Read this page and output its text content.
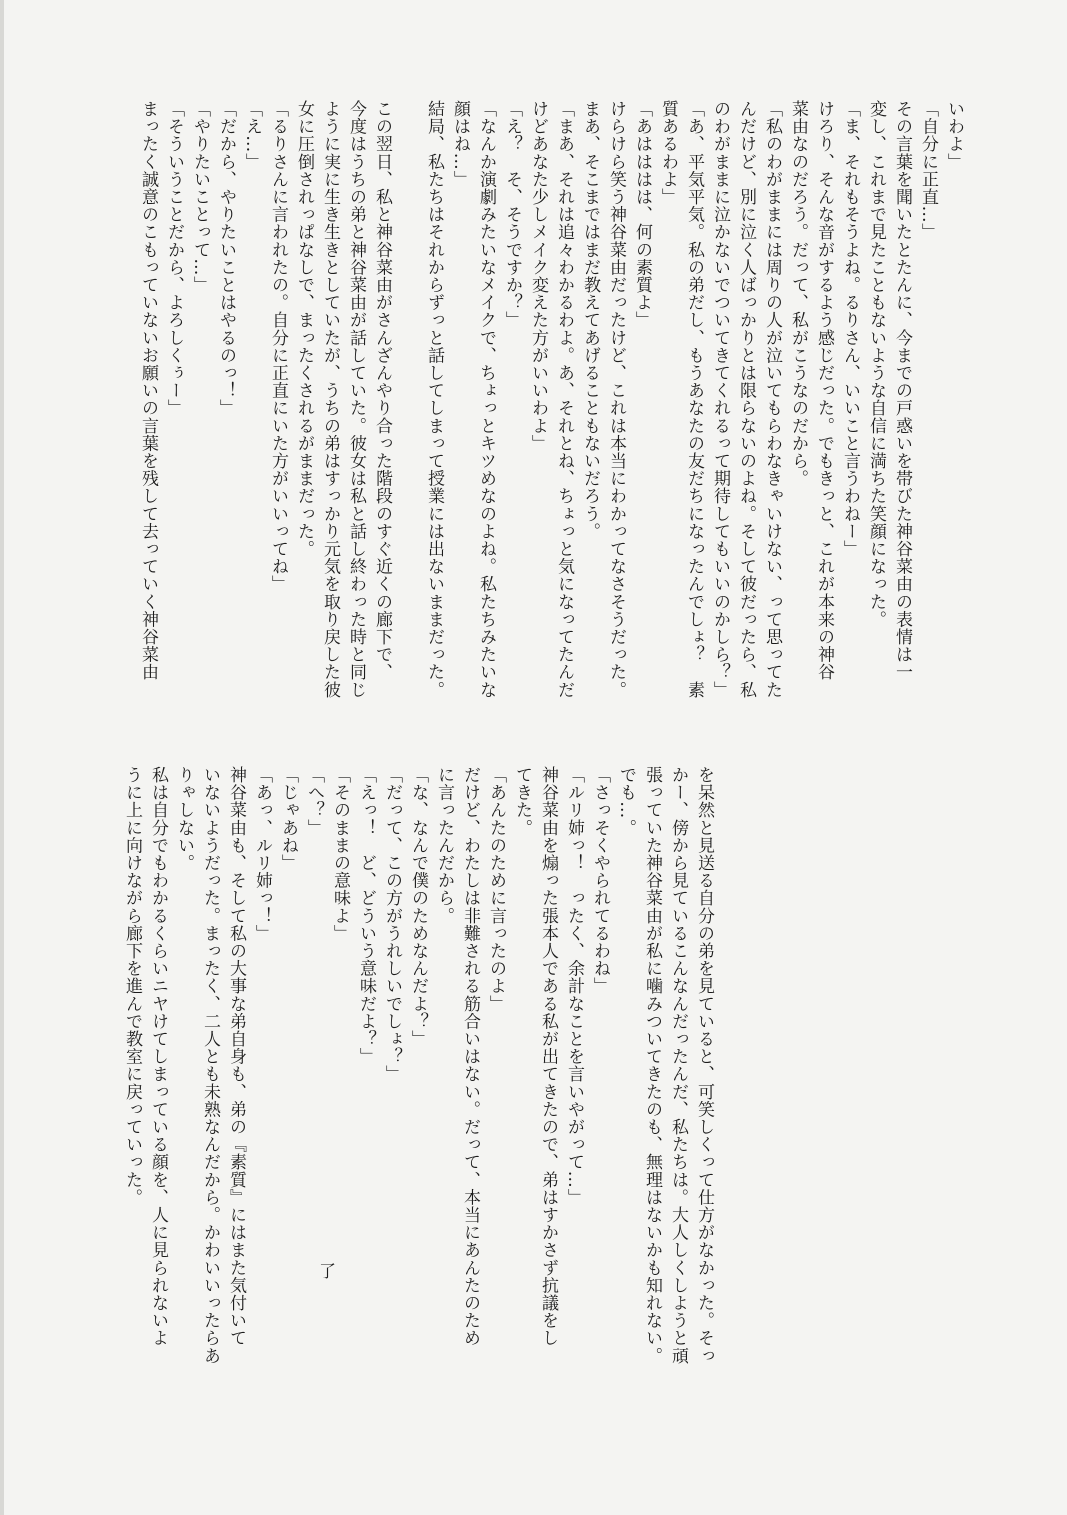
いわよ」

「自分に正直…」

その言葉を聞いたとたんに、今までの戸惑いを帯びた神谷菜由の表情は一

変し、これまで見たこともないような自信に満ちた笑顔になった。

「ま、それもそうよね。るりさん、いいこと言うわねー」

けろり、そんな音がするよう感じだった。でもきっと、これが本来の神谷

菜由なのだろう。だって、私がこうなのだから。

「私のわがままには周りの人が泣いてもらわなきゃいけない、って思ってた

んだけど、別に泣く人ばっかりとは限らないのよね。そして彼だったら、私

のわがままに泣かないでついてきてくれるって期待してもいいのかしら？」

「あ、平気平気。私の弟だし、もうあなたの友だちになったんでしょ？　素

質あるわよ」

「あはははは、何の素質よ」

けらけら笑う神谷菜由だったけど、これは本当にわかってなさそうだった。

まあ、そこまではまだ教えてあげることもないだろう。

「まあ、それは追々わかるわよ。あ、それとね、ちょっと気になってたんだ

けどあなた少しメイク変えた方がいいわよ」

「え？　そ、そうですか？」

「なんか演劇みたいなメイクで、ちょっとキツめなのよね。私たちみたいな

顔はね…」

結局、私たちはそれからずっと話してしまって授業には出ないままだった。

この翌日、私と神谷菜由がさんざんやり合った階段のすぐ近くの廊下で、

今度はうちの弟と神谷菜由が話していた。彼女は私と話し終わった時と同じ

ように実に生き生きとしていたが、うちの弟はすっかり元気を取り戻した彼

女に圧倒されっぱなしで、まったくされるがままだった。

「るりさんに言われたの。自分に正直にいた方がいいってね」

「え…」

「だから、やりたいことはやるのっ！」

「やりたいことって…」

「そういうことだから、よろしくぅー」

まったく誠意のこもっていないお願いの言葉を残して去っていく神谷菜由

を呆然と見送る自分の弟を見ていると、可笑しくって仕方がなかった。そっ

かー、傍から見ているこんなんだったんだ、私たちは。大人しくしようと頑

張っていた神谷菜由が私に噛みついてきたのも、無理はないかも知れない。

でも…。

「さっそくやられてるわね」

「ルリ姉っ！　ったく、余計なことを言いやがって…」

神谷菜由を煽った張本人である私が出てきたので、弟はすかさず抗議をし

てきた。

「あんたのために言ったのよ」

だけど、わたしは非難される筋合いはない。だって、本当にあんたのため

に言ったんだから。

「な、なんで僕のためなんだよ？」

「だって、この方がうれしいでしょ？」

「えっ！　ど、どういう意味だよ？」

「そのままの意味よ」

「へ？」

「じゃあね」

「あっ、ルリ姉っ！」

神谷菜由も、そして私の大事な弟自身も、弟の『素質』にはまた気付いて

いないようだった。まったく、二人とも未熟なんだから。かわいいったらあ

りゃしない。

私は自分でもわかるくらいニヤけてしまっている顔を、人に見られないよ

うに上に向けながら廊下を進んで教室に戻っていった。

了
